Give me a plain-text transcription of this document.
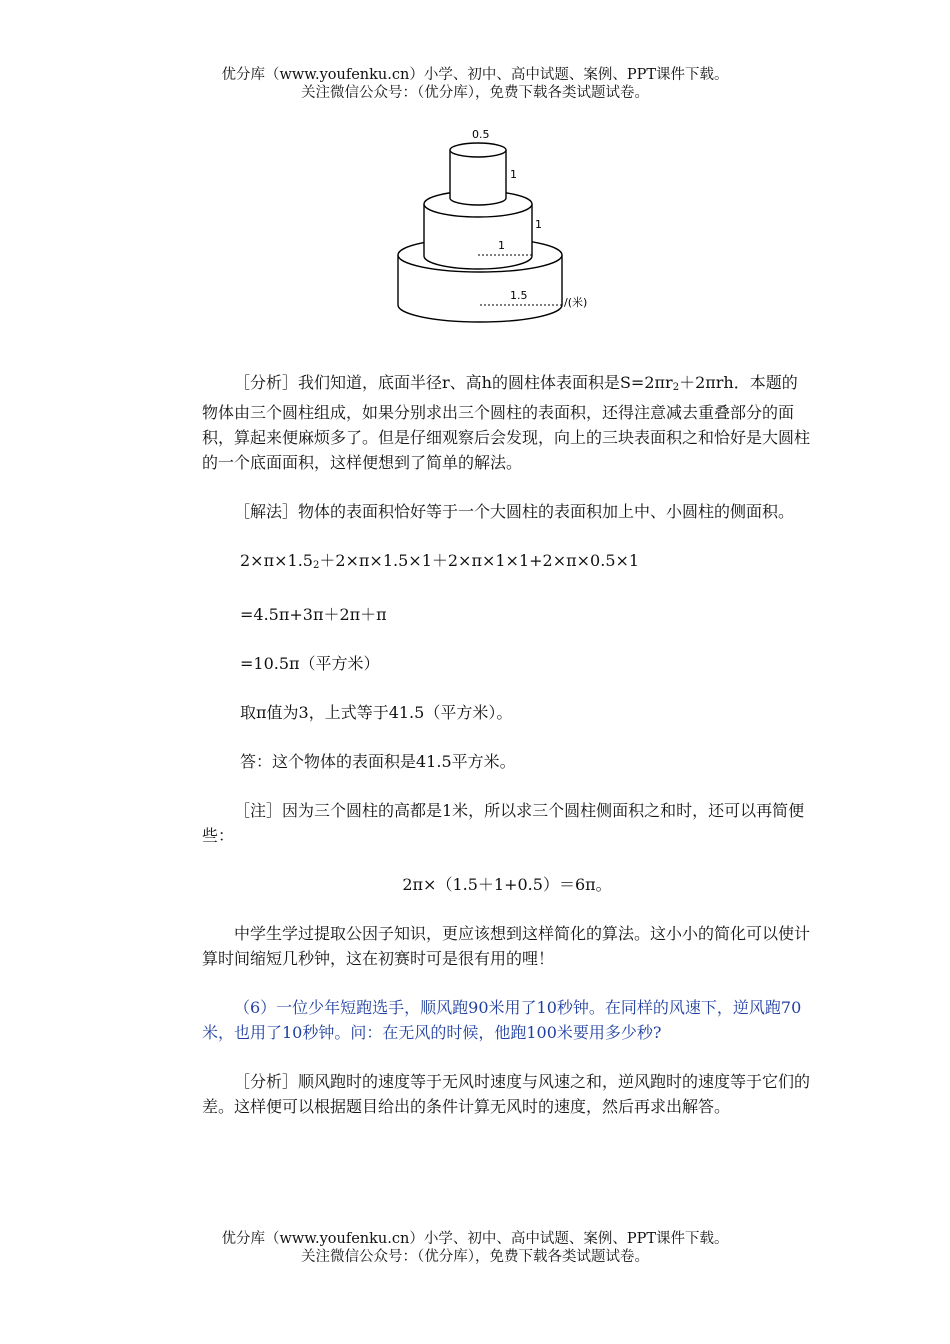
优分库（www.youfenku.cn）小学、初中、高中试题、案例、PPT课件下载。
关注微信公众号：（优分库），免费下载各类试题试卷。
0.5
1
1
1
1.5
/(米)

［分析］我们知道，底面半径r、高h的圆柱体表面积是$S=2\pi r_2+2\pi rh$．本题的物体由三个圆柱组成，如果分别求出三个圆柱的表面积，还得注意减去重叠部分的面积，算起来便麻烦多了。但是仔细观察后会发现，向上的三块表面积之和恰好是大圆柱的一个底面面积，这样便想到了简单的解法。

［解法］物体的表面积恰好等于一个大圆柱的表面积加上中、小圆柱的侧面积。

$2\times\pi\times 1.5_2+2\times\pi\times 1.5\times 1+2\times\pi\times 1\times 1+2\times\pi\times 0.5\times 1$

=4.5π+3π＋2π＋π

=10.5π（平方米）

取π值为3，上式等于41.5（平方米）。

答：这个物体的表面积是41.5平方米。

［注］因为三个圆柱的高都是1米，所以求三个圆柱侧面积之和时，还可以再简便些：

2π×（1.5＋1+0.5）＝6π。

中学生学过提取公因子知识，更应该想到这样简化的算法。这小小的简化可以使计算时间缩短几秒钟，这在初赛时可是很有用的哩！

（6）一位少年短跑选手，顺风跑90米用了10秒钟。在同样的风速下，逆风跑70米，也用了10秒钟。问：在无风的时候，他跑100米要用多少秒?

［分析］顺风跑时的速度等于无风时速度与风速之和，逆风跑时的速度等于它们的差。这样便可以根据题目给出的条件计算无风时的速度，然后再求出解答。

优分库（www.youfenku.cn）小学、初中、高中试题、案例、PPT课件下载。
关注微信公众号：（优分库），免费下载各类试题试卷。
